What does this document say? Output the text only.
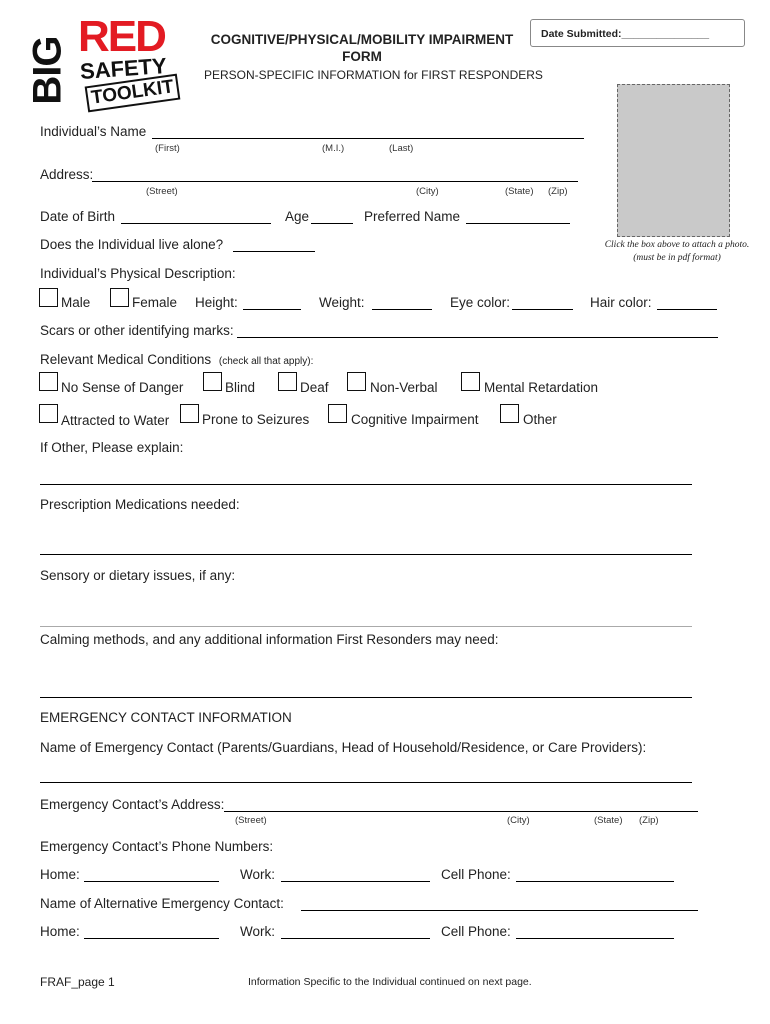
BIG RED
SAFETY
TOOLKIT
COGNITIVE/PHYSICAL/MOBILITY IMPAIRMENT
FORM
PERSON-SPECIFIC INFORMATION for FIRST RESPONDERS
Date Submitted:_______________
Click the box above to attach a photo.
(must be in pdf format)
Individual’s Name
(First)	(M.I.)	(Last)
Address:
(Street)	(City)	(State) (Zip)
Date of Birth	Age	Preferred Name
Does the Individual live alone?
Individual’s Physical Description:
Male	Female Height:	Weight:	Eye color:	Hair color:
Scars or other identifying marks:
Relevant Medical Conditions (check all that apply):
No Sense of Danger	Blind	Deaf	Non-Verbal	Mental Retardation
Attracted to Water Prone to Seizures	Cognitive Impairment	Other
If Other, Please explain:
Prescription Medications needed:
Sensory or dietary issues, if any:
Calming methods, and any additional information First Resonders may need:
EMERGENCY CONTACT INFORMATION
Name of Emergency Contact (Parents/Guardians, Head of Household/Residence, or Care Providers):
Emergency Contact’s Address:
(Street)	(City)	(State) (Zip)
Emergency Contact’s Phone Numbers:
Home:	Work:	Cell Phone:
Name of Alternative Emergency Contact:
Home:	Work:	Cell Phone:
FRAF_page 1	Information Specific to the Individual continued on next page.
